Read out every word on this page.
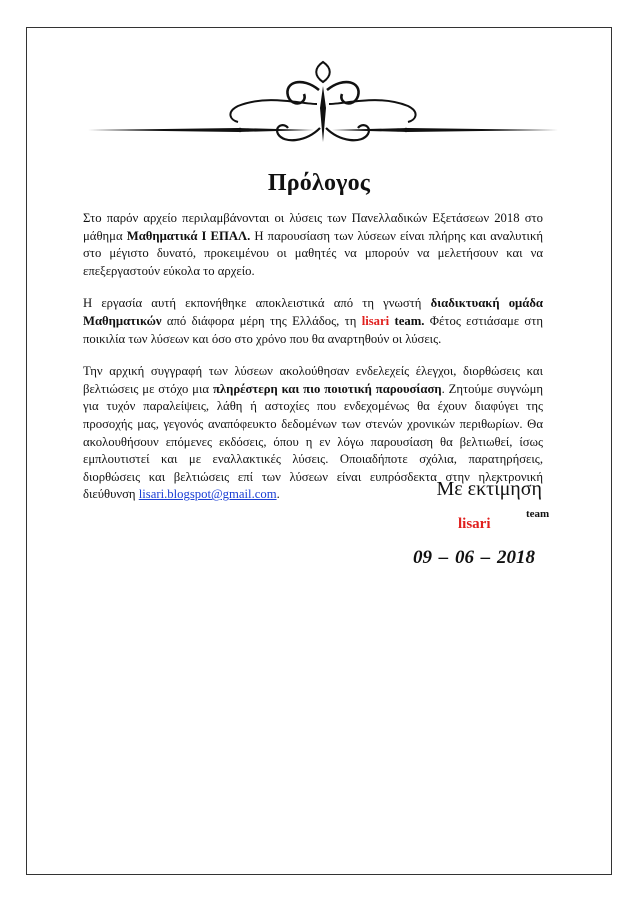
Πρόλογος

Στο παρόν αρχείο περιλαμβάνονται οι λύσεις των Πανελλαδικών Εξετάσεων 2018 στο μάθημα Μαθηματικά Ι ΕΠΑΛ. Η παρουσίαση των λύσεων είναι πλήρης και αναλυτική στο μέγιστο δυνατό, προκειμένου οι μαθητές να μπορούν να μελετήσουν και να επεξεργαστούν εύκολα το αρχείο.

Η εργασία αυτή εκπονήθηκε αποκλειστικά από τη γνωστή διαδικτυακή ομάδα Μαθηματικών από διάφορα μέρη της Ελλάδος, τη lisari team. Φέτος εστιάσαμε στη ποικιλία των λύσεων και όσο στο χρόνο που θα αναρτηθούν οι λύσεις.

Την αρχική συγγραφή των λύσεων ακολούθησαν ενδελεχείς έλεγχοι, διορθώσεις και βελτιώσεις με στόχο μια πληρέστερη και πιο ποιοτική παρουσίαση. Ζητούμε συγνώμη για τυχόν παραλείψεις, λάθη ή αστοχίες που ενδεχομένως θα έχουν διαφύγει της προσοχής μας, γεγονός αναπόφευκτο δεδομένων των στενών χρονικών περιθωρίων. Θα ακολουθήσουν επόμενες εκδόσεις, όπου η εν λόγω παρουσίαση θα βελτιωθεί, ίσως εμπλουτιστεί και με εναλλακτικές λύσεις. Οποιαδήποτε σχόλια, παρατηρήσεις, διορθώσεις και βελτιώσεις επί των λύσεων είναι ευπρόσδεκτα στην ηλεκτρονική διεύθυνση lisari.blogspot@gmail.com.	Με εκτίμηση
lisari
team
09 – 06 – 2018
